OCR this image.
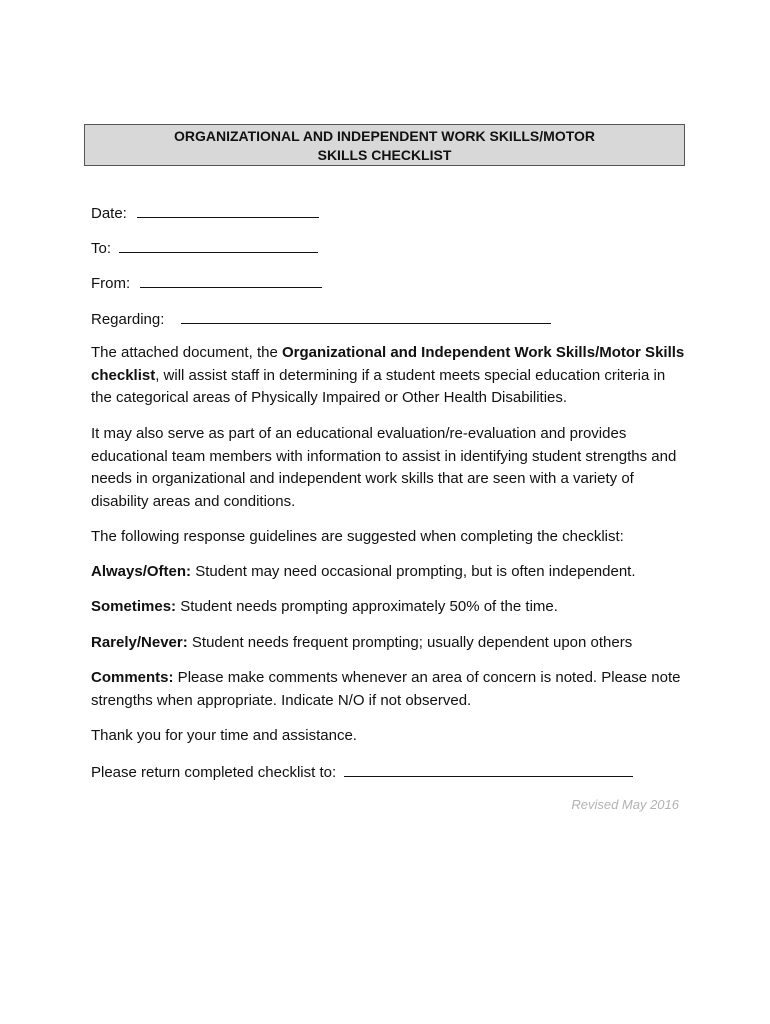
ORGANIZATIONAL AND INDEPENDENT WORK SKILLS/MOTOR
SKILLS CHECKLIST
Date:
To:
From:
Regarding:
The attached document, the Organizational and Independent Work Skills/Motor Skills checklist, will assist staff in determining if a student meets special education criteria in the categorical areas of Physically Impaired or Other Health Disabilities.
It may also serve as part of an educational evaluation/re-evaluation and provides educational team members with information to assist in identifying student strengths and needs in organizational and independent work skills that are seen with a variety of disability areas and conditions.
The following response guidelines are suggested when completing the checklist:
Always/Often: Student may need occasional prompting, but is often independent.
Sometimes: Student needs prompting approximately 50% of the time.
Rarely/Never: Student needs frequent prompting; usually dependent upon others
Comments: Please make comments whenever an area of concern is noted. Please note strengths when appropriate. Indicate N/O if not observed.
Thank you for your time and assistance.
Please return completed checklist to:
Revised May 2016
